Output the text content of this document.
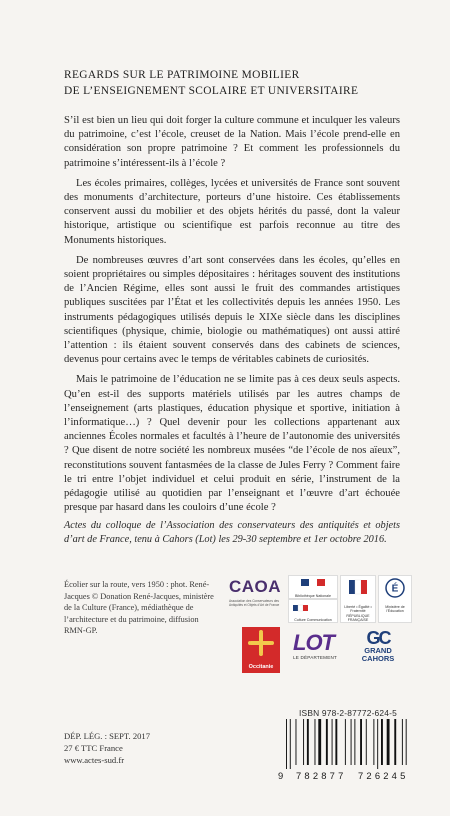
REGARDS SUR LE PATRIMOINE MOBILIER
DE L’ENSEIGNEMENT SCOLAIRE ET UNIVERSITAIRE

S’il est bien un lieu qui doit forger la culture commune et inculquer les valeurs du patrimoine, c’est l’école, creuset de la Nation. Mais l’école prend-elle en considération son propre patrimoine ? Et comment les professionnels du patrimoine s’intéressent-ils à l’école ?

Les écoles primaires, collèges, lycées et universités de France sont souvent des monuments d’architecture, porteurs d’une histoire. Ces établissements conservent aussi du mobilier et des objets hérités du passé, dont la valeur historique, artistique ou scientifique est parfois reconnue au titre des Monuments historiques.

De nombreuses œuvres d’art sont conservées dans les écoles, qu’elles en soient propriétaires ou simples dépositaires : héritages souvent des institutions de l’Ancien Régime, elles sont aussi le fruit des commandes artistiques publiques suscitées par l’État et les collectivités depuis les années 1950. Les instruments pédagogiques utilisés depuis le XIXe siècle dans les disciplines scientifiques (physique, chimie, biologie ou mathématiques) ont aussi attiré l’attention : ils étaient souvent conservés dans des cabinets de sciences, devenus pour certains avec le temps de véritables cabinets de curiosités.

Mais le patrimoine de l’éducation ne se limite pas à ces deux seuls aspects. Qu’en est-il des supports matériels utilisés par les autres champs de l’enseignement (arts plastiques, éducation physique et sportive, initiation à l’informatique…) ? Quel devenir pour les collections appartenant aux anciennes Écoles normales et facultés à l’heure de l’autonomie des universités ? Que disent de notre société les nombreux musées “de l’école de nos aïeux”, reconstitutions souvent fantasmées de la classe de Jules Ferry ? Comment faire le tri entre l’objet individuel et celui produit en série, l’instrument de la pédagogie utilisé au quotidien par l’enseignant et l’œuvre d’art échouée presque par hasard dans les couloirs d’une école ?

Actes du colloque de l’Association des conservateurs des antiquités et objets d’art de France, tenu à Cahors (Lot) les 29-30 septembre et 1er octobre 2016.
Écolier sur la route, vers 1950 : phot. René-Jacques © Donation René-Jacques, ministère de la Culture (France), médiathèque de l’architecture et du patrimoine, diffusion RMN-GP.
CAOA
Association des Conservateurs des Antiquités et Objets d’Art de France
Bibliothèque Nationale
Culture Communication
Liberté • Égalité • Fraternité RÉPUBLIQUE FRANÇAISE
É
Ministère de l’Éducation
Occitanie
LOT
LE DÉPARTEMENT
GC
GRAND CAHORS
ISBN 978-2-87772-624-5
9 782877 726245
DÉP. LÉG. : SEPT. 2017
27 € TTC France
www.actes-sud.fr
